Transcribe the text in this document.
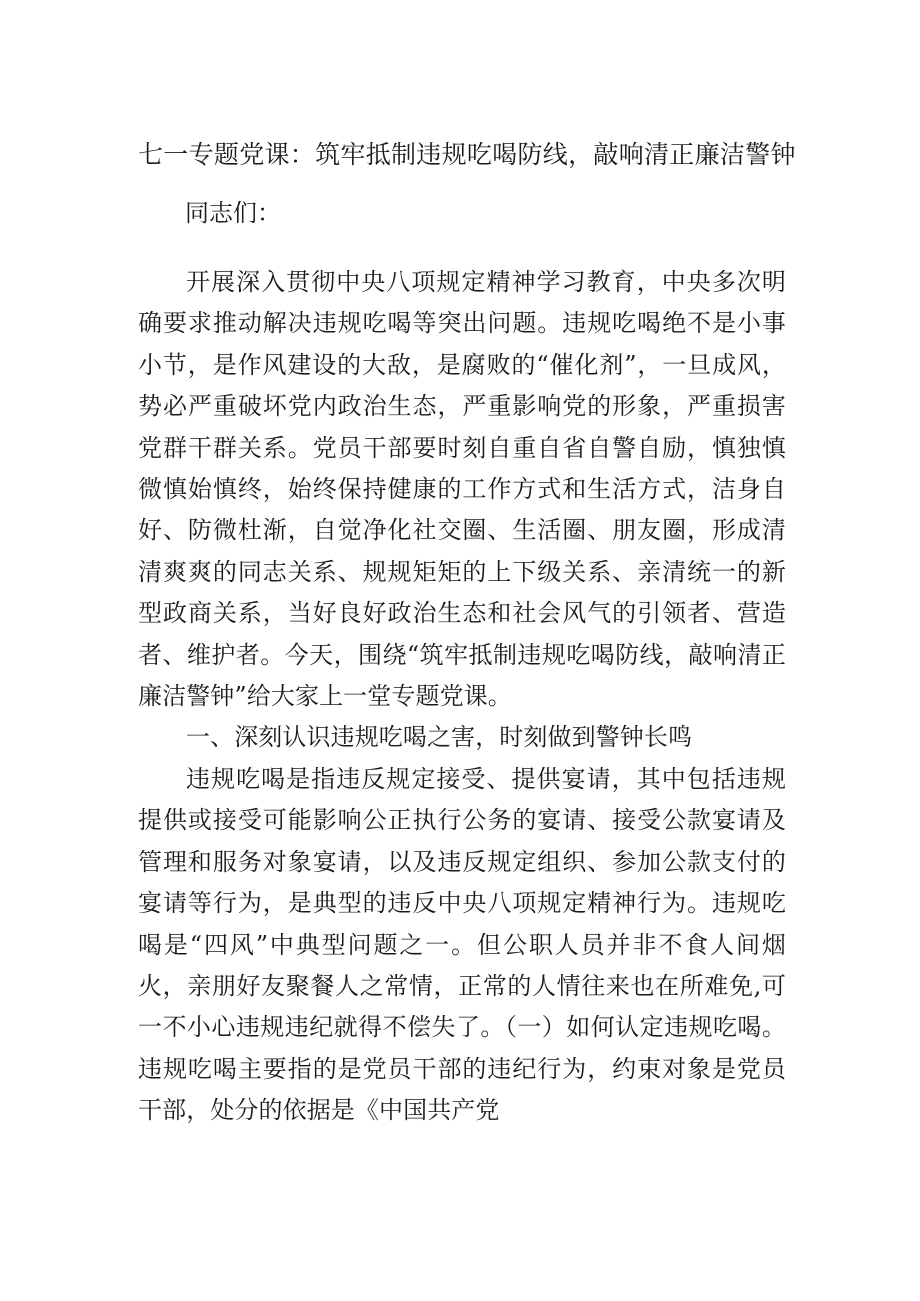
七一专题党课：筑牢抵制违规吃喝防线，敲响清正廉洁警钟

同志们：

开展深入贯彻中央八项规定精神学习教育，中央多次明确要求推动解决违规吃喝等突出问题。违规吃喝绝不是小事小节，是作风建设的大敌，是腐败的“催化剂”，一旦成风，势必严重破坏党内政治生态，严重影响党的形象，严重损害党群干群关系。党员干部要时刻自重自省自警自励，慎独慎微慎始慎终，始终保持健康的工作方式和生活方式，洁身自好、防微杜渐，自觉净化社交圈、生活圈、朋友圈，形成清清爽爽的同志关系、规规矩矩的上下级关系、亲清统一的新型政商关系，当好良好政治生态和社会风气的引领者、营造者、维护者。今天，围绕“筑牢抵制违规吃喝防线，敲响清正廉洁警钟”给大家上一堂专题党课。

一、深刻认识违规吃喝之害，时刻做到警钟长鸣

违规吃喝是指违反规定接受、提供宴请，其中包括违规提供或接受可能影响公正执行公务的宴请、接受公款宴请及管理和服务对象宴请，以及违反规定组织、参加公款支付的宴请等行为，是典型的违反中央八项规定精神行为。违规吃喝是“四风”中典型问题之一。但公职人员并非不食人间烟火，亲朋好友聚餐人之常情，正常的人情往来也在所难免,可一不小心违规违纪就得不偿失了。（一）如何认定违规吃喝。违规吃喝主要指的是党员干部的违纪行为，约束对象是党员干部，处分的依据是《中国共产党
